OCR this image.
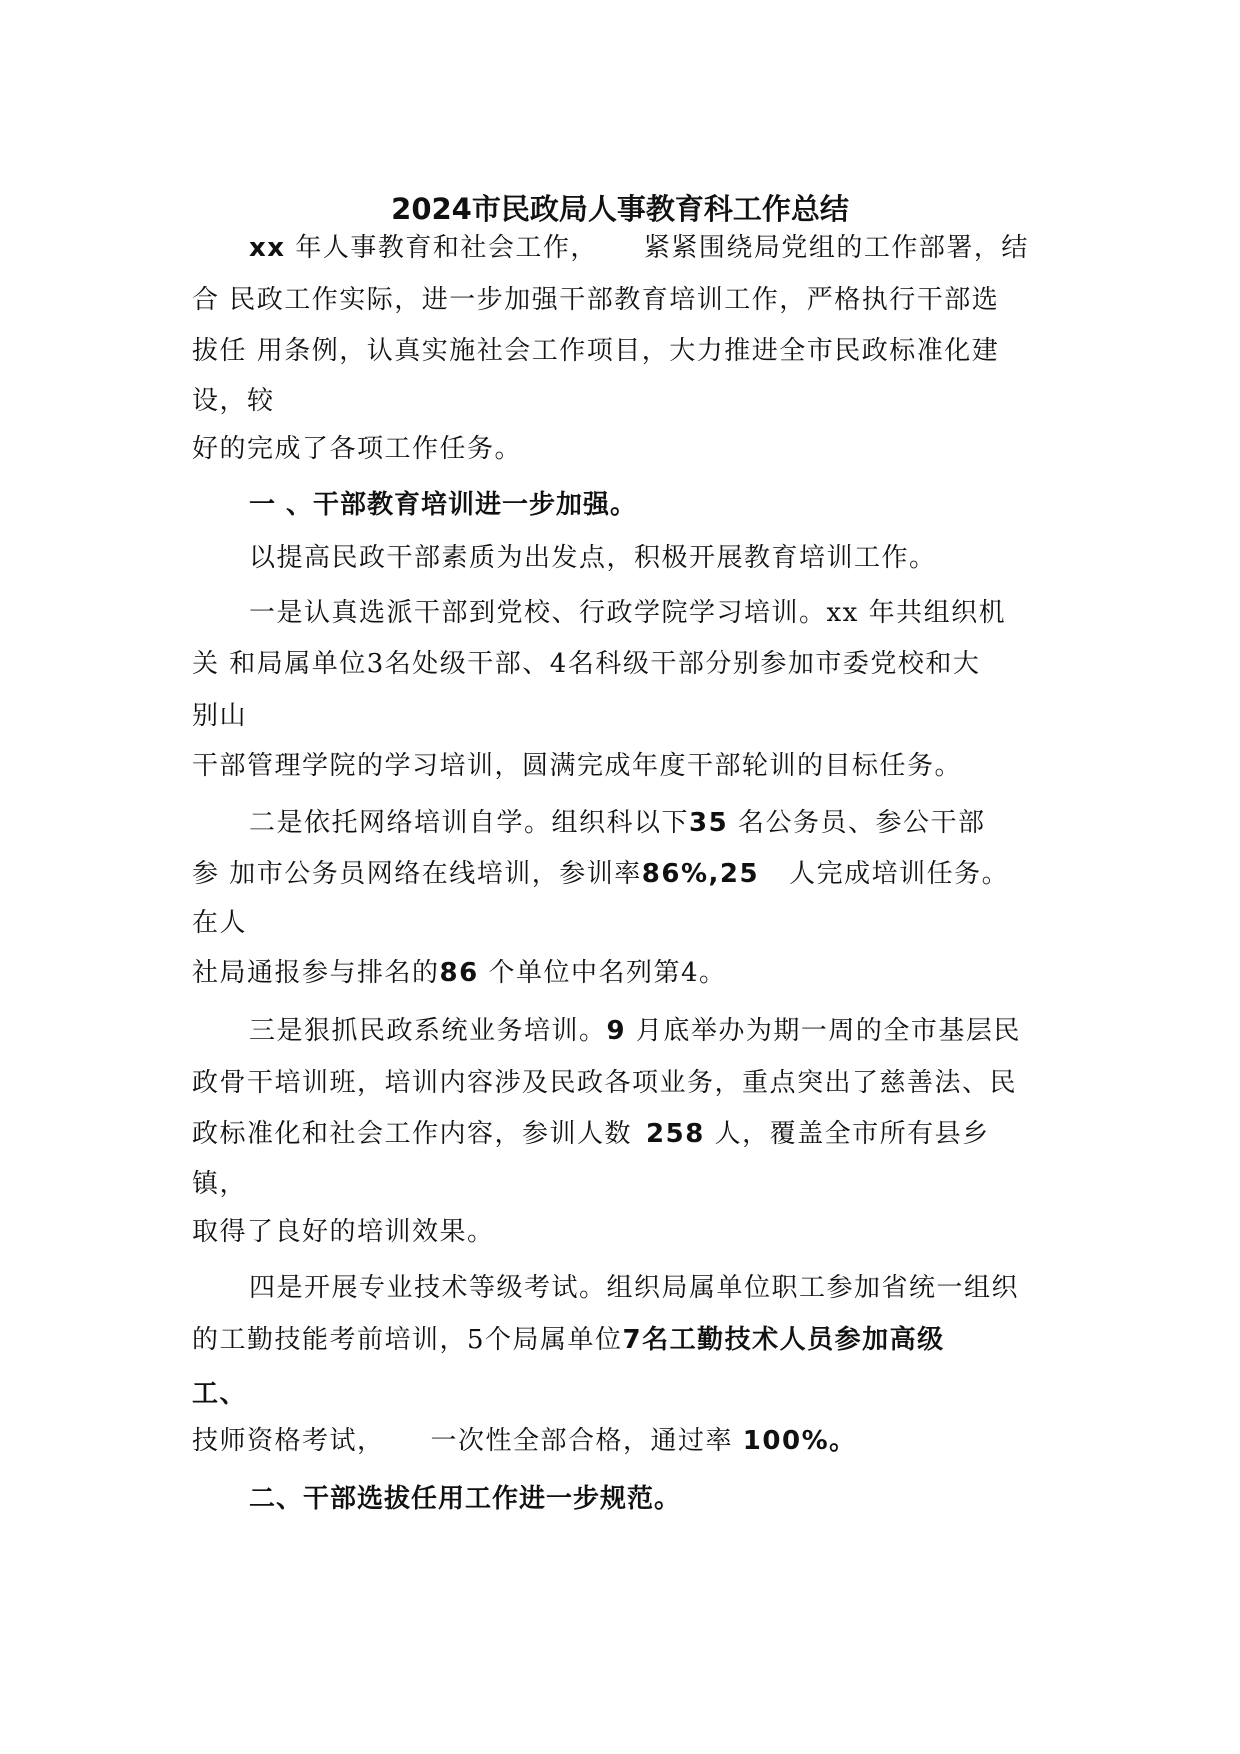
2024市民政局人事教育科工作总结
xx 年人事教育和社会工作， 紧紧围绕局党组的工作部署，结
合 民政工作实际，进一步加强干部教育培训工作，严格执行干部选
拔任 用条例，认真实施社会工作项目，大力推进全市民政标准化建
设，较
好的完成了各项工作任务。
一 、干部教育培训进一步加强。
以提高民政干部素质为出发点，积极开展教育培训工作。
一是认真选派干部到党校、行政学院学习培训。xx 年共组织机
关 和局属单位3名处级干部、4名科级干部分别参加市委党校和大
别山
干部管理学院的学习培训，圆满完成年度干部轮训的目标任务。
二是依托网络培训自学。组织科以下35 名公务员、参公干部
参 加市公务员网络在线培训，参训率86%,25 人完成培训任务。
在人
社局通报参与排名的86 个单位中名列第4。
三是狠抓民政系统业务培训。9 月底举办为期一周的全市基层民
政骨干培训班，培训内容涉及民政各项业务，重点突出了慈善法、民
政标准化和社会工作内容，参训人数 258 人，覆盖全市所有县乡
镇，
取得了良好的培训效果。
四是开展专业技术等级考试。组织局属单位职工参加省统一组织
的工勤技能考前培训，5个局属单位7名工勤技术人员参加高级
工、
技师资格考试， 一次性全部合格，通过率 100%。
二、干部选拔任用工作进一步规范。
